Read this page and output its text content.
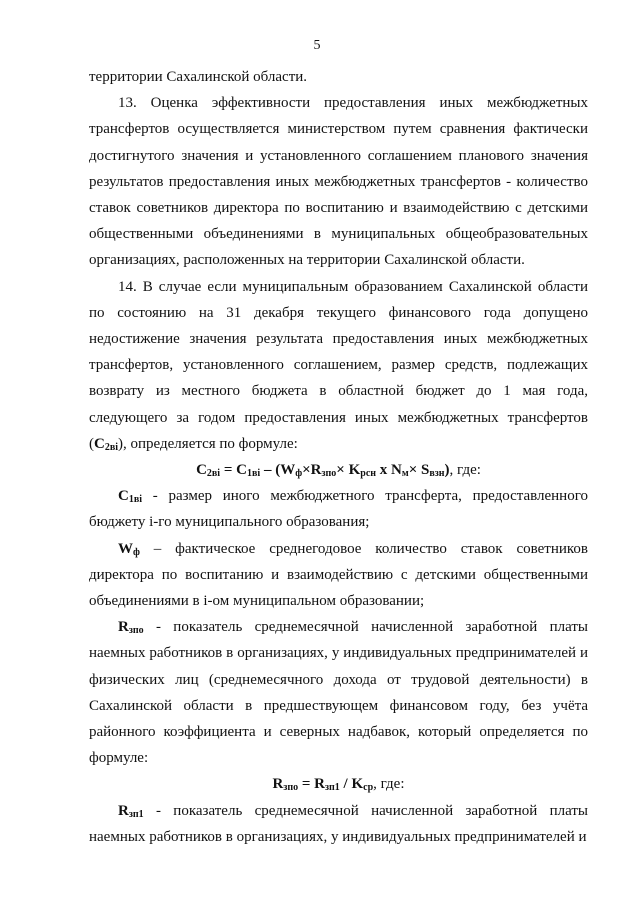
5

территории Сахалинской области.

13. Оценка эффективности предоставления иных межбюджетных трансфертов осуществляется министерством путем сравнения фактически достигнутого значения и установленного соглашением планового значения результатов предоставления иных межбюджетных трансфертов - количество ставок советников директора по воспитанию и взаимодействию с детскими общественными объединениями в муниципальных общеобразовательных организациях, расположенных на территории Сахалинской области.

14. В случае если муниципальным образованием Сахалинской области по состоянию на 31 декабря текущего финансового года допущено недостижение значения результата предоставления иных межбюджетных трансфертов, установленного соглашением, размер средств, подлежащих возврату из местного бюджета в областной бюджет до 1 мая года, следующего за годом предоставления иных межбюджетных трансфертов $(C_{2вi})$, определяется по формуле:

$C_{2вi} = C_{1вi} - (W_ф\times R_{зпо}\times K_{рсн}$ x $N_м\times S_{взн}$), где:

$C_{1вi}$ - размер иного межбюджетного трансферта, предоставленного бюджету i-го муниципального образования;

$W_ф$ – фактическое среднегодовое количество ставок советников директора по воспитанию и взаимодействию с детскими общественными объединениями в i-ом муниципальном образовании;

$R_{зпо}$ - показатель среднемесячной начисленной заработной платы наемных работников в организациях, у индивидуальных предпринимателей и физических лиц (среднемесячного дохода от трудовой деятельности) в Сахалинской области в предшествующем финансовом году, без учёта районного коэффициента и северных надбавок, который определяется по формуле:

$R_{зпо} = R_{зп1} / K_{ср}$, где:

$R_{зп1}$ - показатель среднемесячной начисленной заработной платы наемных работников в организациях, у индивидуальных предпринимателей и
